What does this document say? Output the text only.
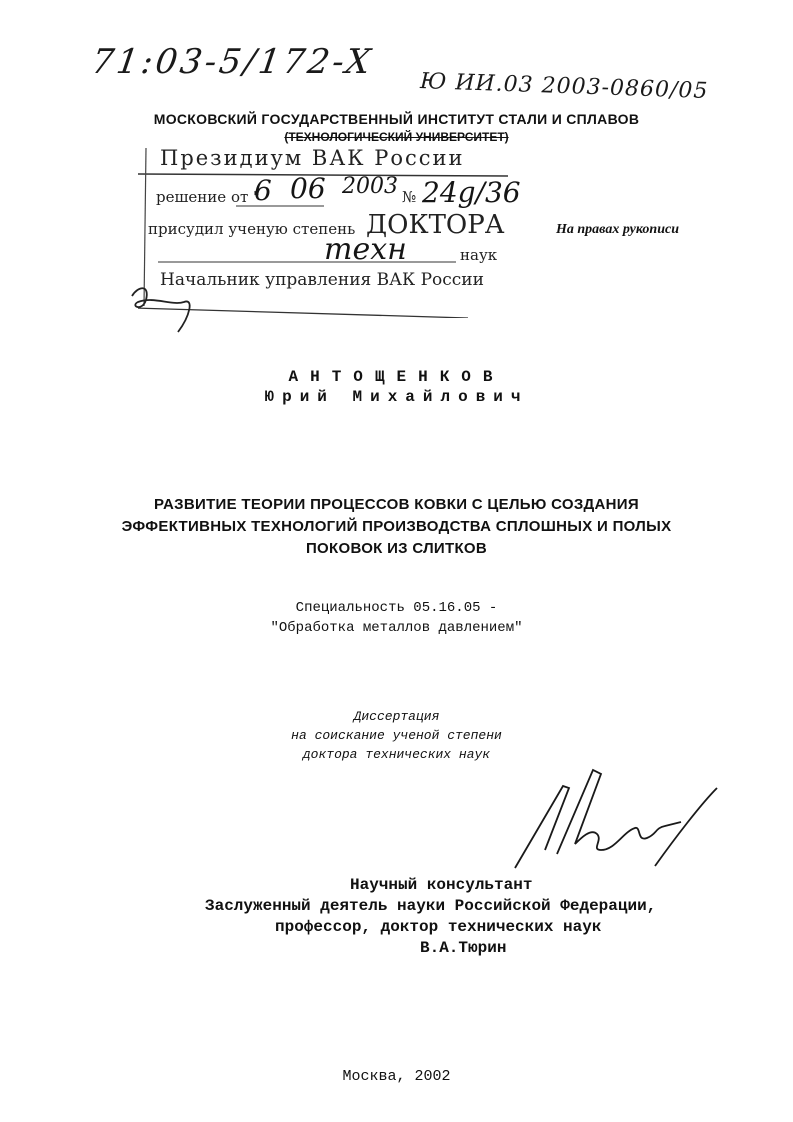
71:03-5/172-X
Ю ИИ.03 2003-0860/05
МОСКОВСКИЙ ГОСУДАРСТВЕННЫЙ ИНСТИТУТ СТАЛИ И СПЛАВОВ
(ТЕХНОЛОГИЧЕСКИЙ УНИВЕРСИТЕТ)
Президиум ВАК России
решение от "
6 06 2003 № 24g/36
присудил ученую степень ДОКТОРА
техн	наук
Начальник управления ВАК России
На правах рукописи
АНТОЩЕНКОВ
Юрий Михайлович
РАЗВИТИЕ ТЕОРИИ ПРОЦЕССОВ КОВКИ С ЦЕЛЬЮ СОЗДАНИЯ
ЭФФЕКТИВНЫХ ТЕХНОЛОГИЙ ПРОИЗВОДСТВА СПЛОШНЫХ И ПОЛЫХ
ПОКОВОК ИЗ СЛИТКОВ
Специальность 05.16.05 -
"Обработка металлов давлением"
Диссертация
на соискание ученой степени
доктора технических наук
Научный консультант
Заслуженный деятель науки Российской Федерации,
профессор, доктор технических наук
В.А.Тюрин
Москва, 2002
